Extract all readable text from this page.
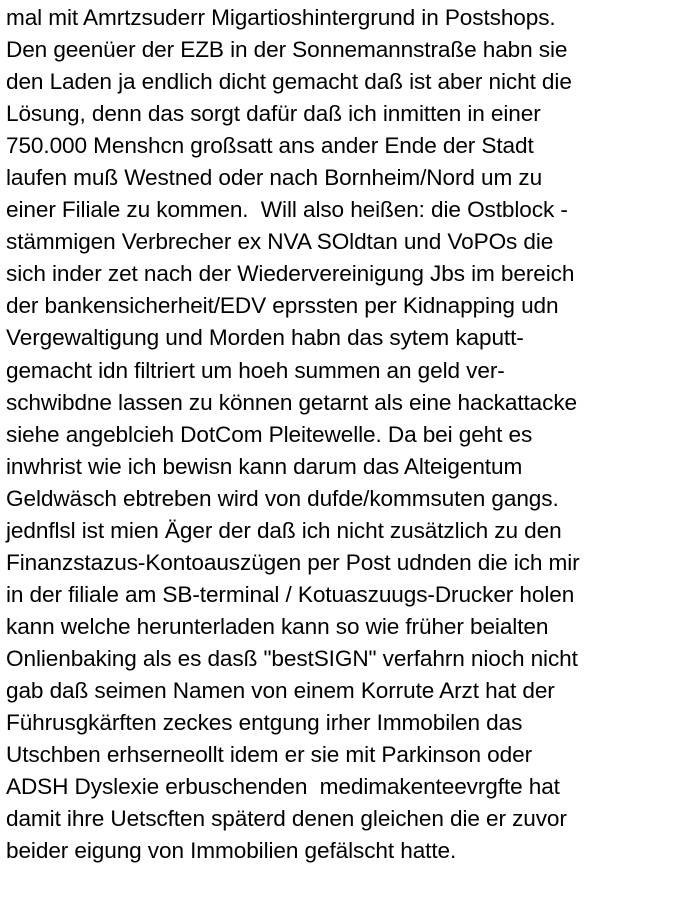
mal mit Amrtzsuderr Migartioshintergrund in Postshops.
Den geenüer der EZB in der Sonnemannstraße habn sie
den Laden ja endlich dicht gemacht daß ist aber nicht die
Lösung, denn das sorgt dafür daß ich inmitten in einer
750.000 Menshcn großsatt ans ander Ende der Stadt
laufen muß Westned oder nach Bornheim/Nord um zu
einer Filiale zu kommen.  Will also heißen: die Ostblock -
stämmigen Verbrecher ex NVA SOldtan und VoPOs die
sich inder zet nach der Wiedervereinigung Jbs im bereich
der bankensicherheit/EDV eprssten per Kidnapping udn
Vergewaltigung und Morden habn das sytem kaputt-
gemacht idn filtriert um hoeh summen an geld ver-
schwibdne lassen zu können getarnt als eine hackattacke
siehe angeblcieh DotCom Pleitewelle. Da bei geht es
inwhrist wie ich bewisn kann darum das Alteigentum
Geldwäsch ebtreben wird von dufde/kommsuten gangs.
jednflsl ist mien Äger der daß ich nicht zusätzlich zu den
Finanzstazus-Kontoauszügen per Post udnden die ich mir
in der filiale am SB-terminal / Kotuaszuugs-Drucker holen
kann welche herunterladen kann so wie früher beialten
Onlienbaking als es dasß "bestSIGN" verfahrn nioch nicht
gab daß seimen Namen von einem Korrute Arzt hat der
Führusgkärften zeckes entgung irher Immobilen das
Utschben erhserneollt idem er sie mit Parkinson oder
ADSH Dyslexie erbuschenden  medimakenteevrgfte hat
damit ihre Uetscften späterd denen gleichen die er zuvor
beider eigung von Immobilien gefälscht hatte.
